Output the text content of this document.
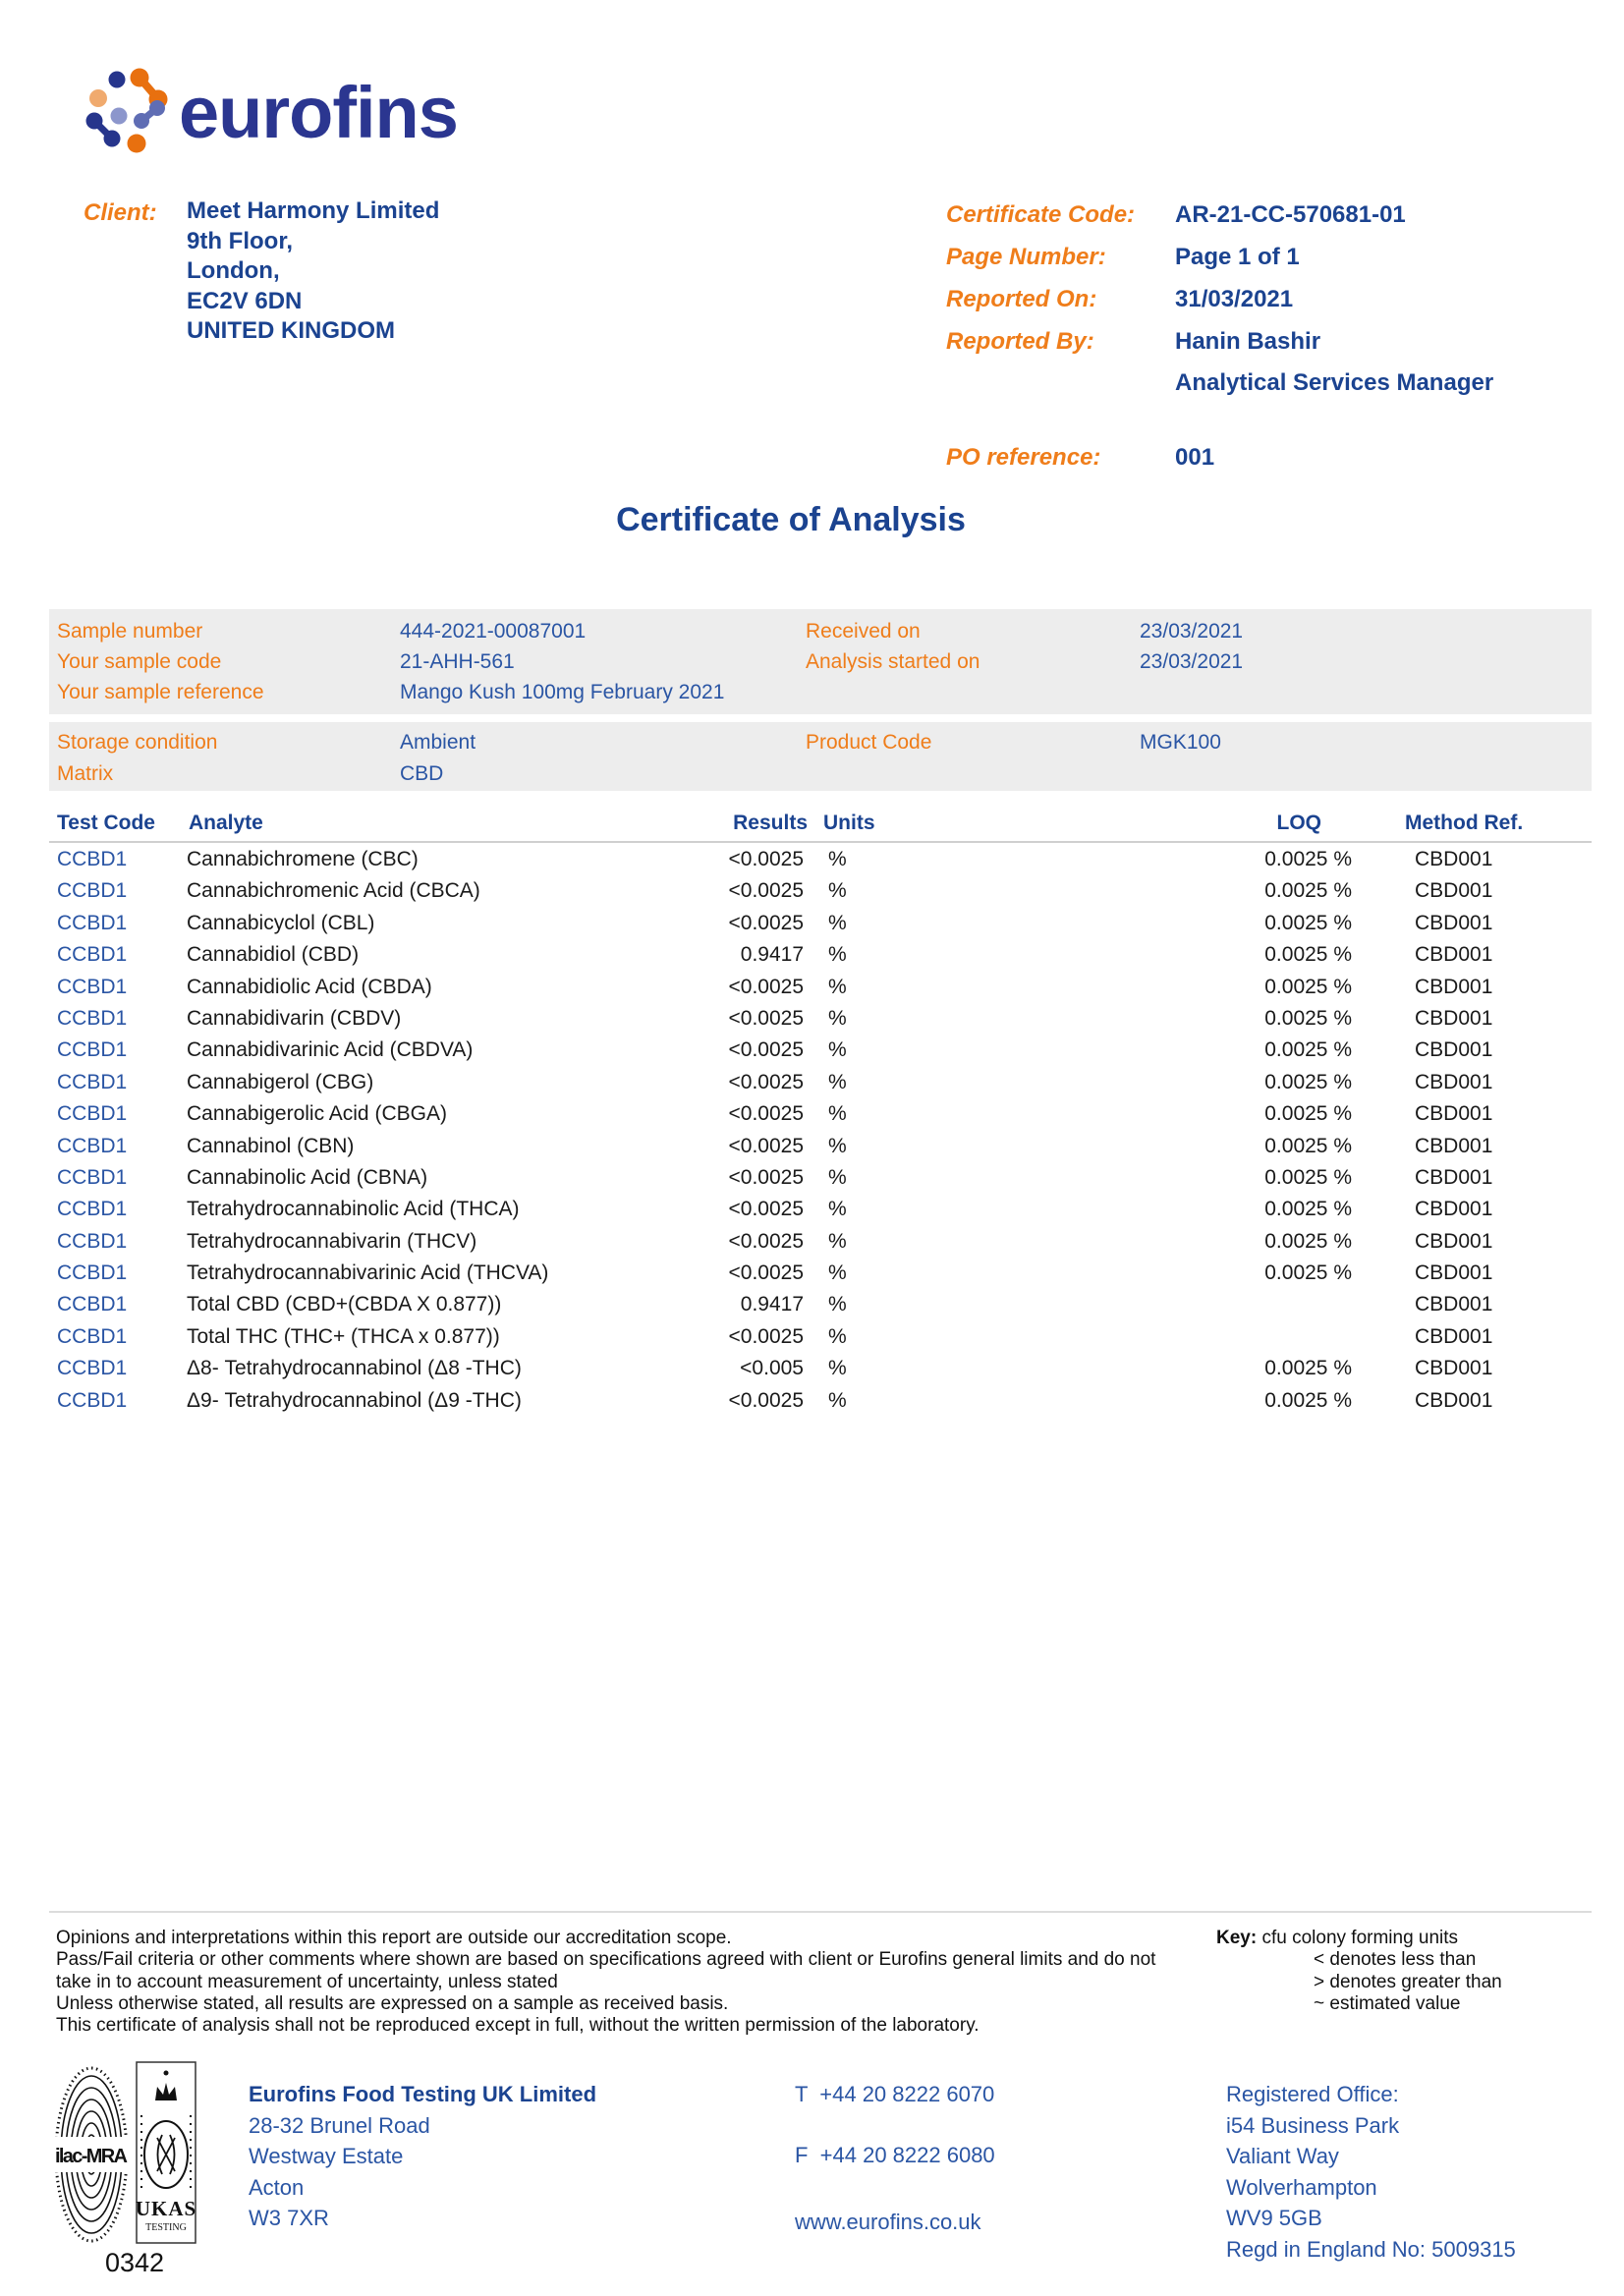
eurofins
Client: Meet Harmony Limited
9th Floor,
London,
EC2V 6DN
UNITED KINGDOM
Certificate Code: AR-21-CC-570681-01
Page Number:	Page 1 of 1
Reported On:	31/03/2021
Reported By:	Hanin Bashir
Analytical Services Manager
PO reference:	001
Certificate of Analysis
Sample number	444-2021-00087001	Received on	23/03/2021
Your sample code	21-AHH-561	Analysis started on	23/03/2021
Your sample reference	Mango Kush 100mg February 2021
Storage condition	Ambient	Product Code	MGK100
Matrix	CBD
Test Code Analyte	Results Units	LOQ	Method Ref.
CCBD1	Cannabichromene (CBC)	<0.0025 %	0.0025 %	CBD001
CCBD1	Cannabichromenic Acid (CBCA)	<0.0025 %	0.0025 %	CBD001
CCBD1	Cannabicyclol (CBL)	<0.0025 %	0.0025 %	CBD001
CCBD1	Cannabidiol (CBD)	0.9417 %	0.0025 %	CBD001
CCBD1	Cannabidiolic Acid (CBDA)	<0.0025 %	0.0025 %	CBD001
CCBD1	Cannabidivarin (CBDV)	<0.0025 %	0.0025 %	CBD001
CCBD1	Cannabidivarinic Acid (CBDVA)	<0.0025 %	0.0025 %	CBD001
CCBD1	Cannabigerol (CBG)	<0.0025 %	0.0025 %	CBD001
CCBD1	Cannabigerolic Acid (CBGA)	<0.0025 %	0.0025 %	CBD001
CCBD1	Cannabinol (CBN)	<0.0025 %	0.0025 %	CBD001
CCBD1	Cannabinolic Acid (CBNA)	<0.0025 %	0.0025 %	CBD001
CCBD1	Tetrahydrocannabinolic Acid (THCA)	<0.0025 %	0.0025 %	CBD001
CCBD1	Tetrahydrocannabivarin (THCV)	<0.0025 %	0.0025 %	CBD001
CCBD1	Tetrahydrocannabivarinic Acid (THCVA)	<0.0025 %	0.0025 %	CBD001
CCBD1	Total CBD (CBD+(CBDA X 0.877))	0.9417 %	CBD001
CCBD1	Total THC (THC+ (THCA x 0.877))	<0.0025 %	CBD001
CCBD1	Δ8- Tetrahydrocannabinol (Δ8 -THC)	<0.005 %	0.0025 %	CBD001
CCBD1	Δ9- Tetrahydrocannabinol (Δ9 -THC)	<0.0025 %	0.0025 %	CBD001
Opinions and interpretations within this report are outside our accreditation scope.
Pass/Fail criteria or other comments where shown are based on specifications agreed with client or Eurofins general limits and do not
take in to account measurement of uncertainty, unless stated
Unless otherwise stated, all results are expressed on a sample as received basis.
This certificate of analysis shall not be reproduced except in full, without the written permission of the laboratory.
Key: cfu colony forming units
< denotes less than
> denotes greater than
~ estimated value
ilac-MRA
UKAS
TESTING
0342
Eurofins Food Testing UK Limited
28-32 Brunel Road
Westway Estate
Acton
W3 7XR

T  +44 20 8222 6070

F  +44 20 8222 6080

www.eurofins.co.uk

Registered Office:
i54 Business Park
Valiant Way
Wolverhampton
WV9 5GB
Regd in England No: 5009315
